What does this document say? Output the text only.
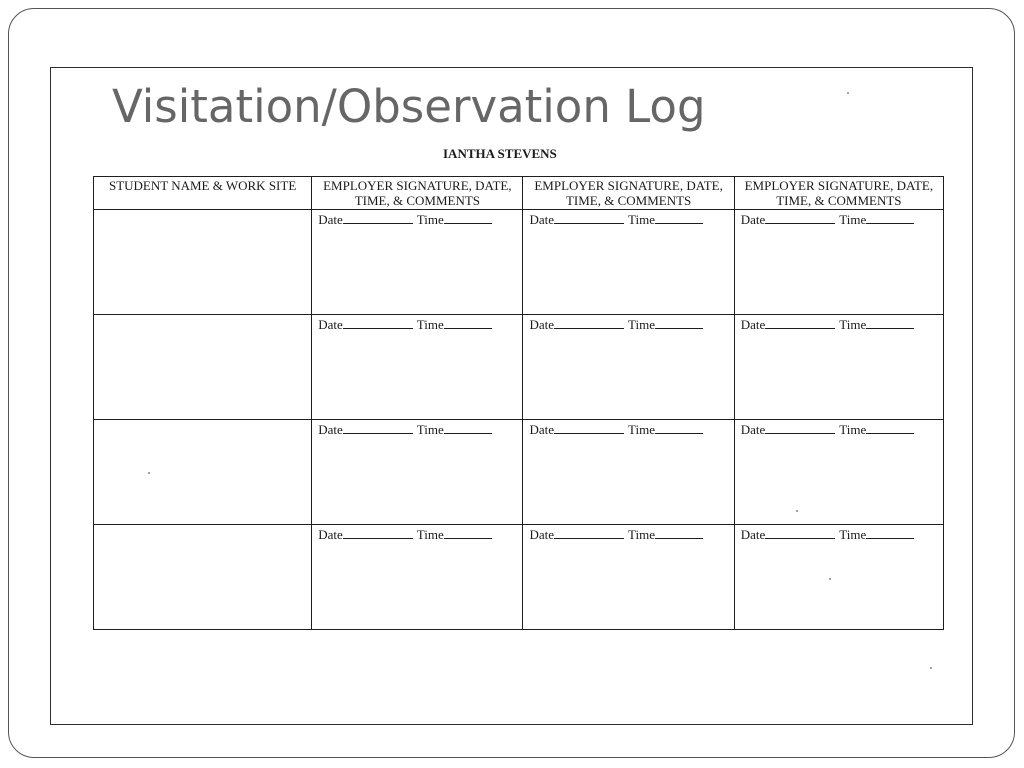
Visitation/Observation Log
IANTHA STEVENS
STUDENT NAME & WORK SITE	EMPLOYER SIGNATURE, DATE, TIME, & COMMENTS	EMPLOYER SIGNATURE, DATE, TIME, & COMMENTS	EMPLOYER SIGNATURE, DATE, TIME, & COMMENTS

	Date Time	Date Time	Date Time

	Date Time	Date Time	Date Time

	Date Time	Date Time	Date Time

	Date Time	Date Time	Date Time
